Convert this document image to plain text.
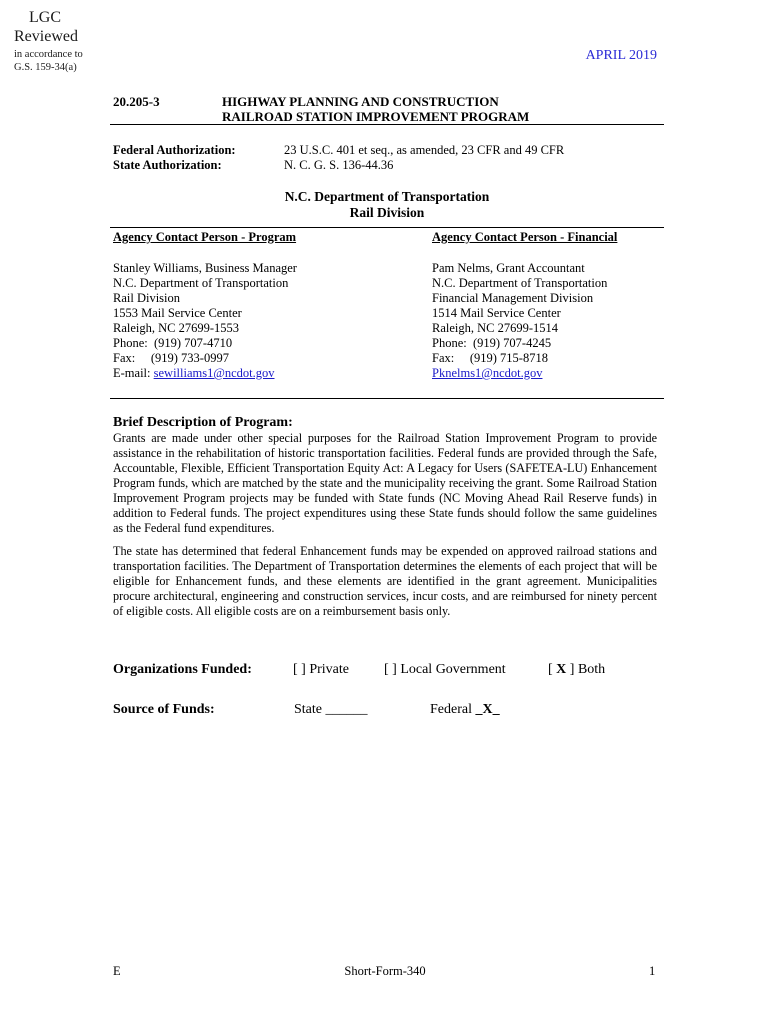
LGC
Reviewed
in accordance to
G.S. 159-34(a)
APRIL 2019
20.205-3	HIGHWAY PLANNING AND CONSTRUCTION
RAILROAD STATION IMPROVEMENT PROGRAM
Federal Authorization:	23 U.S.C. 401 et seq., as amended, 23 CFR and 49 CFR
State Authorization:	N. C. G. S. 136-44.36
N.C. Department of Transportation
Rail Division
Agency Contact Person - Program
Stanley Williams, Business Manager
N.C. Department of Transportation
Rail Division
1553 Mail Service Center
Raleigh, NC 27699-1553
Phone:  (919) 707-4710
Fax:     (919) 733-0997
E-mail: sewilliams1@ncdot.gov
Agency Contact Person - Financial
Pam Nelms, Grant Accountant
N.C. Department of Transportation
Financial Management Division
1514 Mail Service Center
Raleigh, NC 27699-1514
Phone:  (919) 707-4245
Fax:     (919) 715-8718
Pknelms1@ncdot.gov
Brief Description of Program:
Grants are made under other special purposes for the Railroad Station Improvement Program to provide assistance in the rehabilitation of historic transportation facilities. Federal funds are provided through the Safe, Accountable, Flexible, Efficient Transportation Equity Act: A Legacy for Users (SAFETEA-LU) Enhancement Program funds, which are matched by the state and the municipality receiving the grant. Some Railroad Station Improvement Program projects may be funded with State funds (NC Moving Ahead Rail Reserve funds) in addition to Federal funds. The project expenditures using these State funds should follow the same guidelines as the Federal fund expenditures.
The state has determined that federal Enhancement funds may be expended on approved railroad stations and transportation facilities. The Department of Transportation determines the elements of each project that will be eligible for Enhancement funds, and these elements are identified in the grant agreement. Municipalities procure architectural, engineering and construction services, incur costs, and are reimbursed for ninety percent of eligible costs. All eligible costs are on a reimbursement basis only.
Organizations Funded:	[ ] Private	[ ] Local Government	[ X ] Both
Source of Funds:	State ______	Federal _X_
E	Short-Form-340	1
